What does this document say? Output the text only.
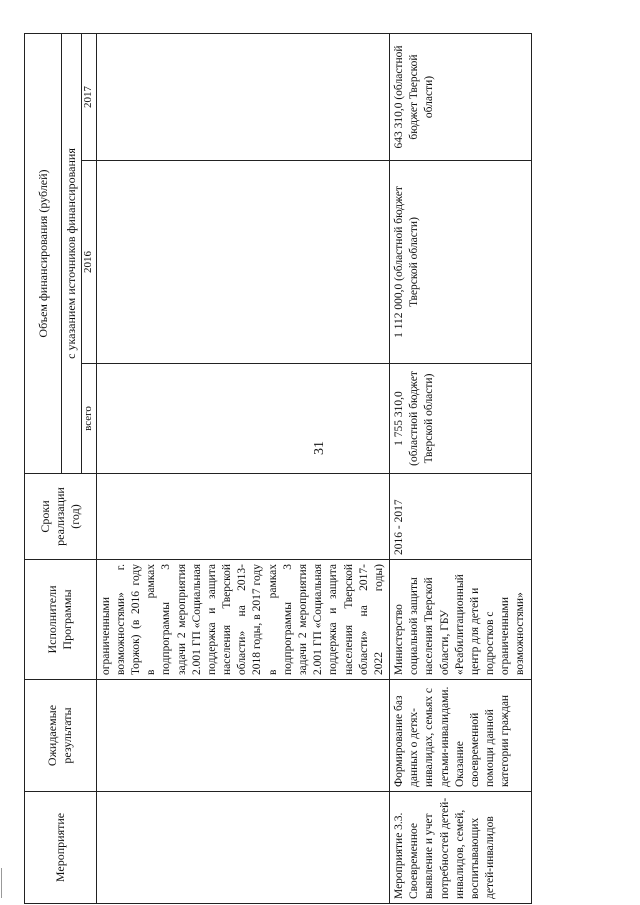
31
Мероприятие	Ожидаемые результаты	Исполнители Программы	Сроки реализации (год)	Объем финансирования (рублей)		
				с указанием источников финансирования		
				всего	2016	2017
		ограниченными возможностями» г. Торжок) (в 2016 году в рамках подпрограммы 3 задачи 2 мероприятия 2.001 ГП «Социальная поддержка и защита населения Тверской области» на 2013-2018 годы, в 2017 году в рамках подпрограммы 3 задачи 2 мероприятия 2.001 ГП «Социальная поддержка и защита населения Тверской области» на 2017-2022 годы)				
Мероприятие 3.3. Своевременное выявление и учет потребностей детей-инвалидов, семей, воспитывающих детей-инвалидов	Формирование баз данных о детях-инвалидах, семьях с детьми-инвалидами. Оказание своевременной помощи данной категории граждан	Министерство социальной защиты населения Тверской области, ГБУ «Реабилитационный центр для детей и подростков с ограниченными возможностями»	2016 - 2017	1 755 310,0 (областной бюджет Тверской области)	1 112 000,0 (областной бюджет Тверской области)	643 310,0 (областной бюджет Тверской области)
